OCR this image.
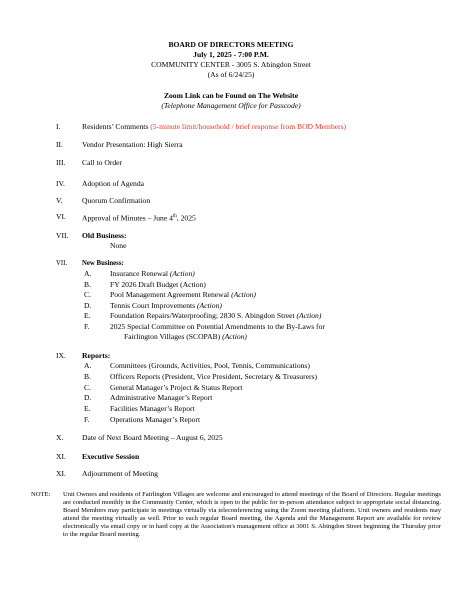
BOARD OF DIRECTORS MEETING
July 1, 2025 - 7:00 P.M.
COMMUNITY CENTER - 3005 S. Abingdon Street
(As of 6/24/25)
Zoom Link can be Found on The Website
(Telephone Management Office for Passcode)
I.	Residents’ Comments (5-minute limit/household / brief response from BOD Members)
II.	Vendor Presentation: High Sierra
III.	Call to Order
IV.	Adoption of Agenda
V.	Quorum Confirmation
VI.	Approval of Minutes – June 4th, 2025
VII.	Old Business:
None
VII.	New Business:
A. Insurance Renewal (Action)
B.	FY 2026 Draft Budget (Action)
C.	Pool Management Agreement Renewal (Action)
D. Tennis Court Improvements (Action)
E.	Foundation Repairs/Waterproofing; 2830 S. Abingdon Street (Action)
F.	2025 Special Committee on Potential Amendments to the By-Laws for
Fairlington Villages (SCOPAB) (Action)
IX.	Reports:
A. Committees (Grounds, Activities, Pool, Tennis, Communications)
B.	Officers Reports (President, Vice President, Secretary & Treasurers)
C.	General Manager’s Project & Status Report
D. Administrative Manager’s Report
E.	Facilities Manager’s Report
F.	Operations Manager’s Report
X.	Date of Next Board Meeting – August 6, 2025
XI.	Executive Session
XI.	Adjournment of Meeting
NOTE: Unit Owners and residents of Fairlington Villages are welcome and encouraged to attend meetings of the Board of Directors. Regular meetings are conducted monthly in the Community Center, which is open to the public for in-person attendance subject to appropriate social distancing. Board Members may participate in meetings virtually via teleconferencing using the Zoom meeting platform. Unit owners and residents may attend the meeting virtually as well. Prior to each regular Board meeting, the Agenda and the Management Report are available for review electronically via email copy or in hard copy at the Association's management office at 3001 S. Abingdon Street beginning the Thursday prior to the regular Board meeting.
